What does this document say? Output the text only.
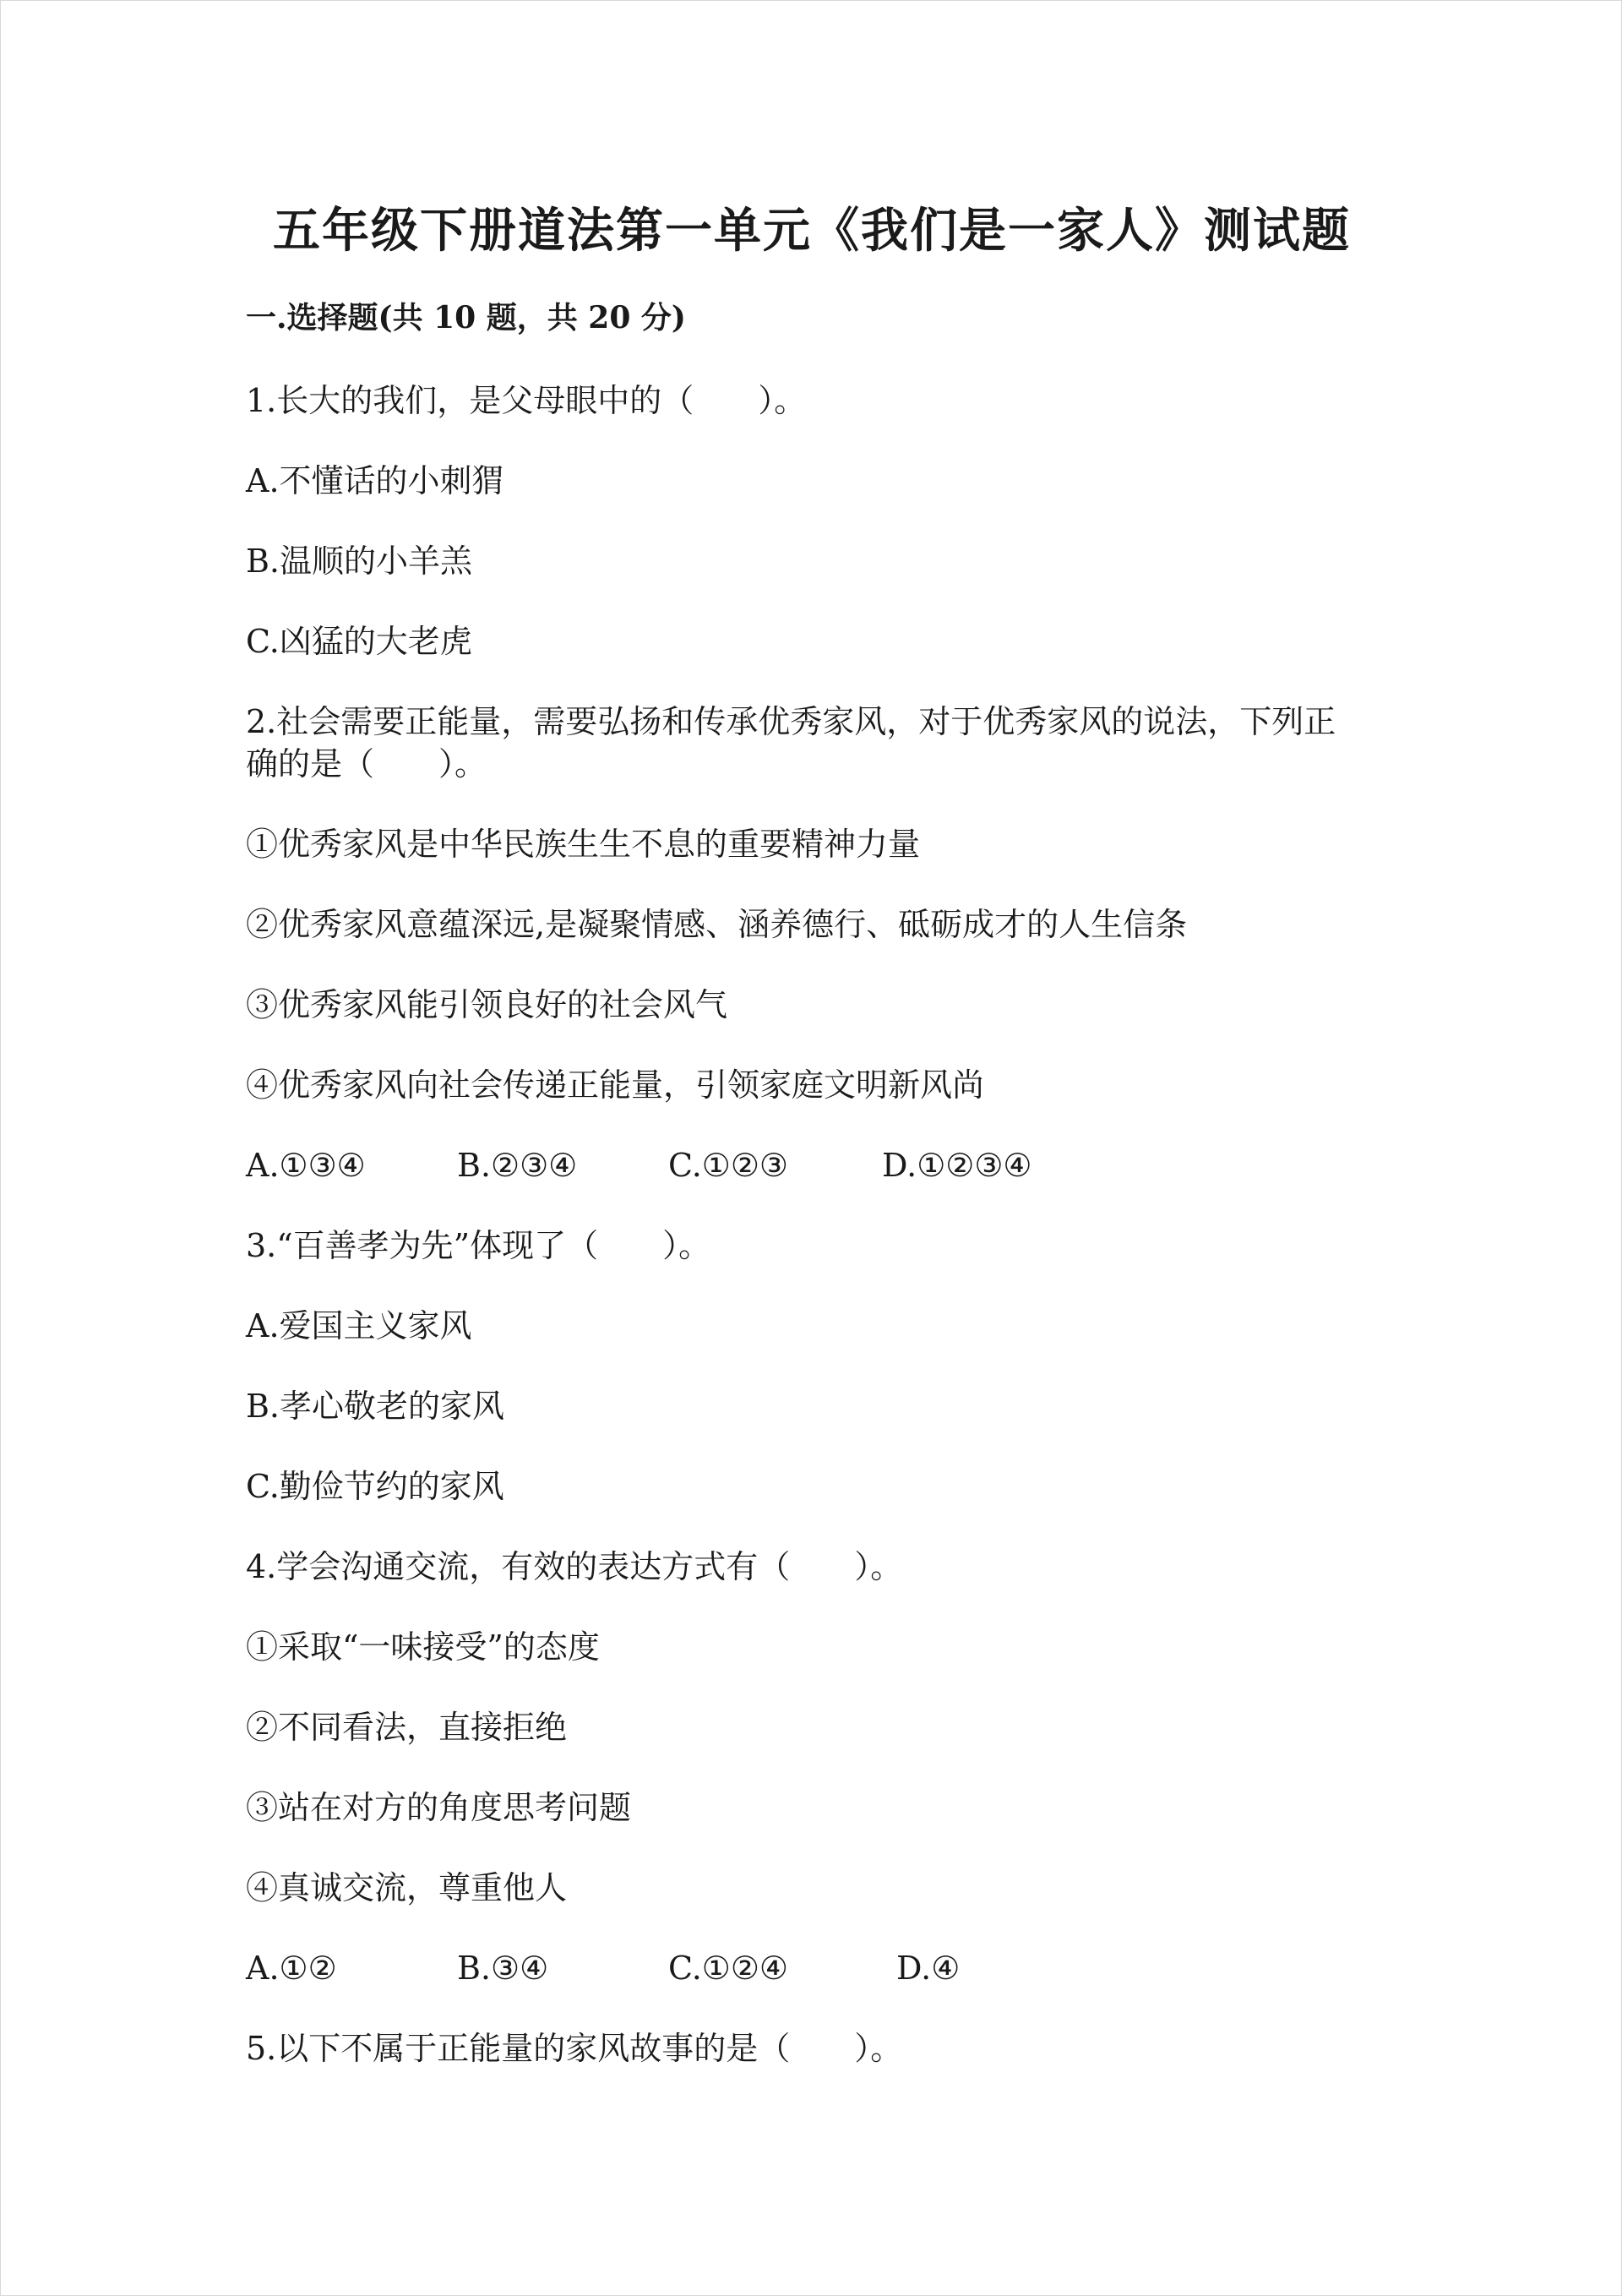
五年级下册道法第一单元《我们是一家人》测试题
一.选择题(共 10 题，共 20 分)
1.长大的我们，是父母眼中的（　　）。
A.不懂话的小刺猬
B.温顺的小羊羔
C.凶猛的大老虎
2.社会需要正能量，需要弘扬和传承优秀家风，对于优秀家风的说法，下列正
确的是（　　）。
①优秀家风是中华民族生生不息的重要精神力量
②优秀家风意蕴深远,是凝聚情感、涵养德行、砥砺成才的人生信条
③优秀家风能引领良好的社会风气
④优秀家风向社会传递正能量，引领家庭文明新风尚
A.①③④	B.②③④	C.①②③	D.①②③④
3.“百善孝为先”体现了（　　）。
A.爱国主义家风
B.孝心敬老的家风
C.勤俭节约的家风
4.学会沟通交流，有效的表达方式有（　　）。
①采取“一味接受”的态度
②不同看法，直接拒绝
③站在对方的角度思考问题
④真诚交流，尊重他人
A.①②	B.③④	C.①②④	D.④
5.以下不属于正能量的家风故事的是（　　）。
